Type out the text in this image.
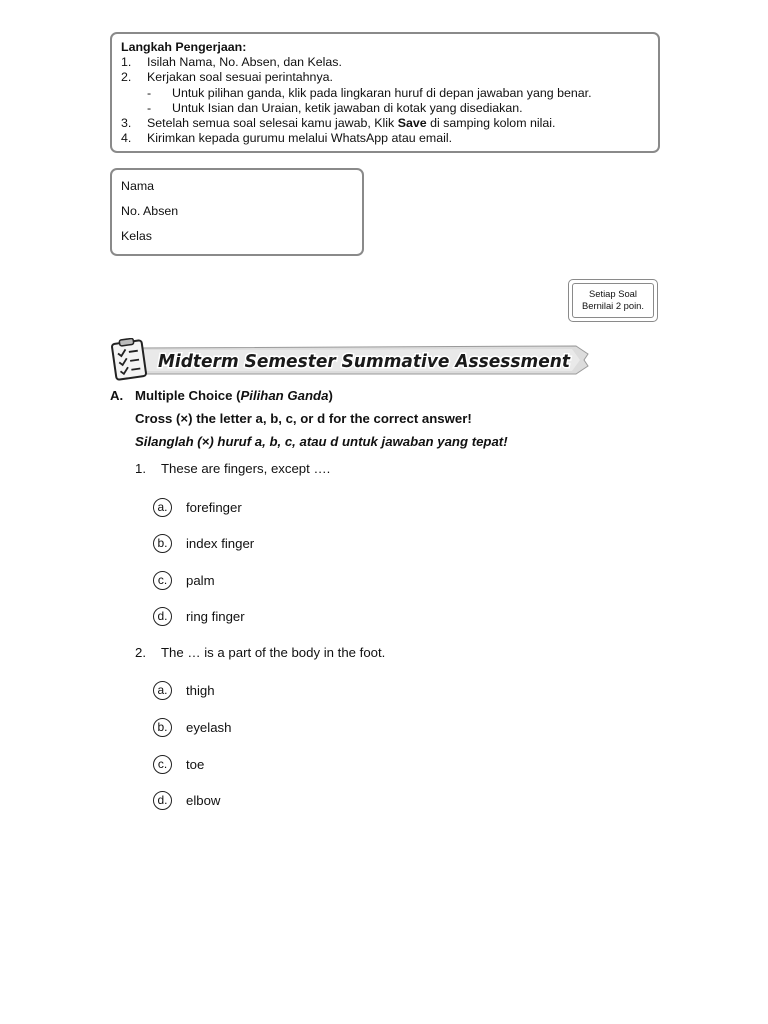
Langkah Pengerjaan:
1. Isilah Nama, No. Absen, dan Kelas.
2. Kerjakan soal sesuai perintahnya.
- Untuk pilihan ganda, klik pada lingkaran huruf di depan jawaban yang benar.
- Untuk Isian dan Uraian, ketik jawaban di kotak yang disediakan.
3. Setelah semua soal selesai kamu jawab, Klik Save di samping kolom nilai.
4. Kirimkan kepada gurumu melalui WhatsApp atau email.
Nama
No. Absen
Kelas
Setiap Soal
Bernilai 2 poin.
Midterm Semester Summative Assessment
A. Multiple Choice (Pilihan Ganda)
Cross (×) the letter a, b, c, or d for the correct answer!
Silanglah (×) huruf a, b, c, atau d untuk jawaban yang tepat!
1. These are fingers, except ….
a.	forefinger
b.	index finger
c.	palm
d.	ring finger
2. The … is a part of the body in the foot.
a.	thigh
b.	eyelash
c.	toe
d.	elbow
